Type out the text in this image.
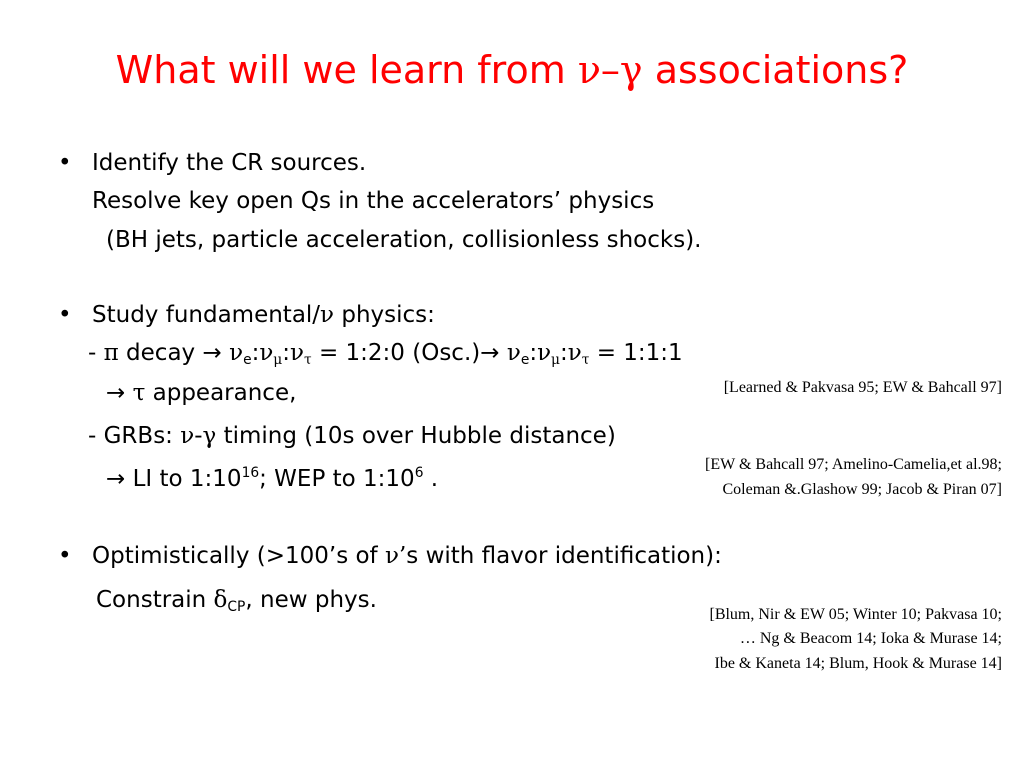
What will we learn from ν–γ associations?
• Identify the CR sources.
Resolve key open Qs in the accelerators’ physics
(BH jets, particle acceleration, collisionless shocks).
• Study fundamental/ν physics:
- π decay → $\nu_e:\nu_\mu:\nu_\tau$ = 1:2:0 $(Osc.)\to \nu_e:\nu_\mu:\nu_\tau$ = 1:1:1
→ τ appearance,
- GRBs: ν-γ timing (10s over Hubble distance)
→ LI to $1:10^{16}$; WEP to $1:10^6$ .
• Optimistically (>100’s of ν’s with flavor identification):
Constrain $\delta_{CP}$, new phys.
[Learned & Pakvasa 95; EW & Bahcall 97]
[EW & Bahcall 97; Amelino-Camelia,et al.98;
Coleman &.Glashow 99; Jacob & Piran 07]
[Blum, Nir & EW 05; Winter 10; Pakvasa 10;
… Ng & Beacom 14; Ioka & Murase 14;
Ibe & Kaneta 14; Blum, Hook & Murase 14]
